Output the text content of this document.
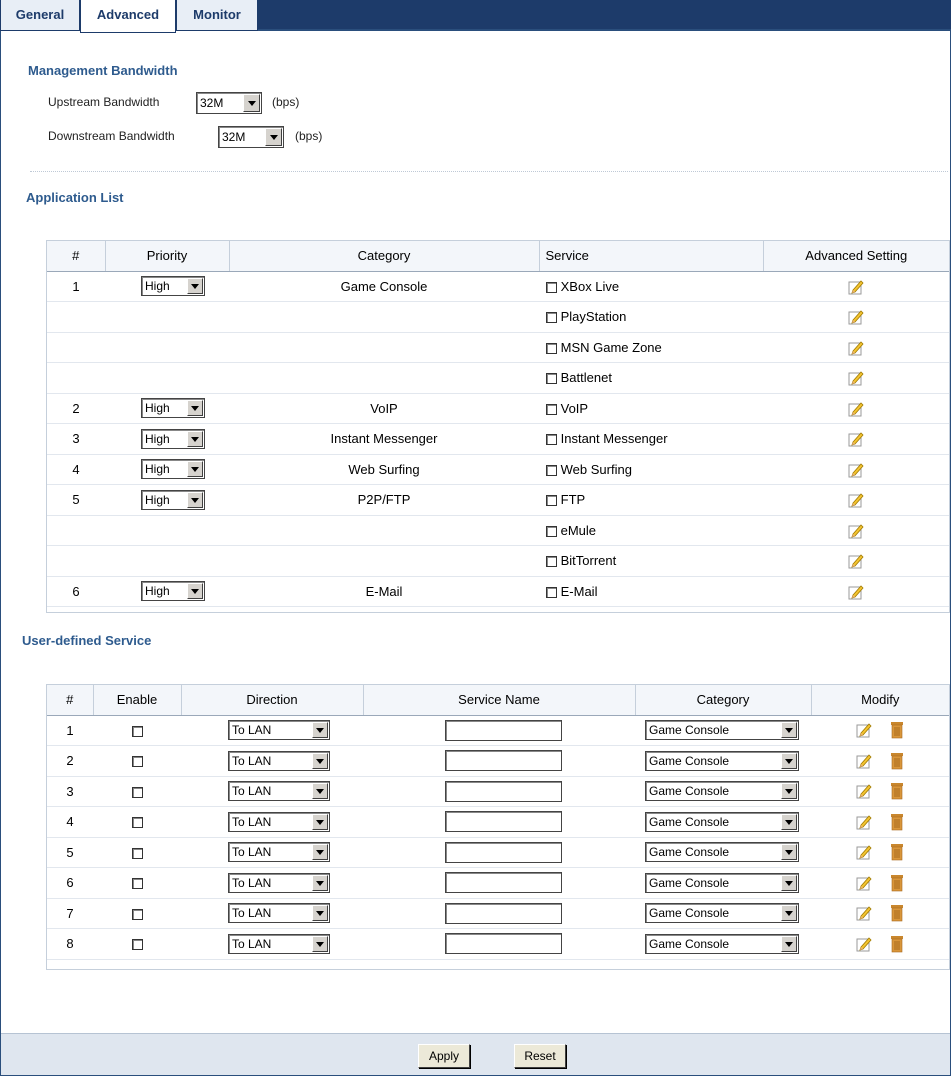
General	Advanced	Monitor
Management Bandwidth
Upstream Bandwidth	32M	(bps)
Downstream Bandwidth	32M	(bps)
Application List
#	Priority	Category	Service	Advanced Setting
1	High	Game Console	XBox Live	

			PlayStation	

			MSN Game Zone	

			Battlenet	

2	High	VoIP	VoIP	

3	High	Instant Messenger	Instant Messenger	

4	High	Web Surfing	Web Surfing	

5	High	P2P/FTP	FTP	

			eMule	

			BitTorrent	

6	High	E-Mail	E-Mail	
User-defined Service
#	Enable	Direction	Service Name	Category	Modify
1		To LAN		Game Console

2		To LAN		Game Console

3		To LAN		Game Console

4		To LAN		Game Console

5		To LAN		Game Console

6		To LAN		Game Console

7		To LAN		Game Console

8		To LAN		Game Console

Apply	Reset
